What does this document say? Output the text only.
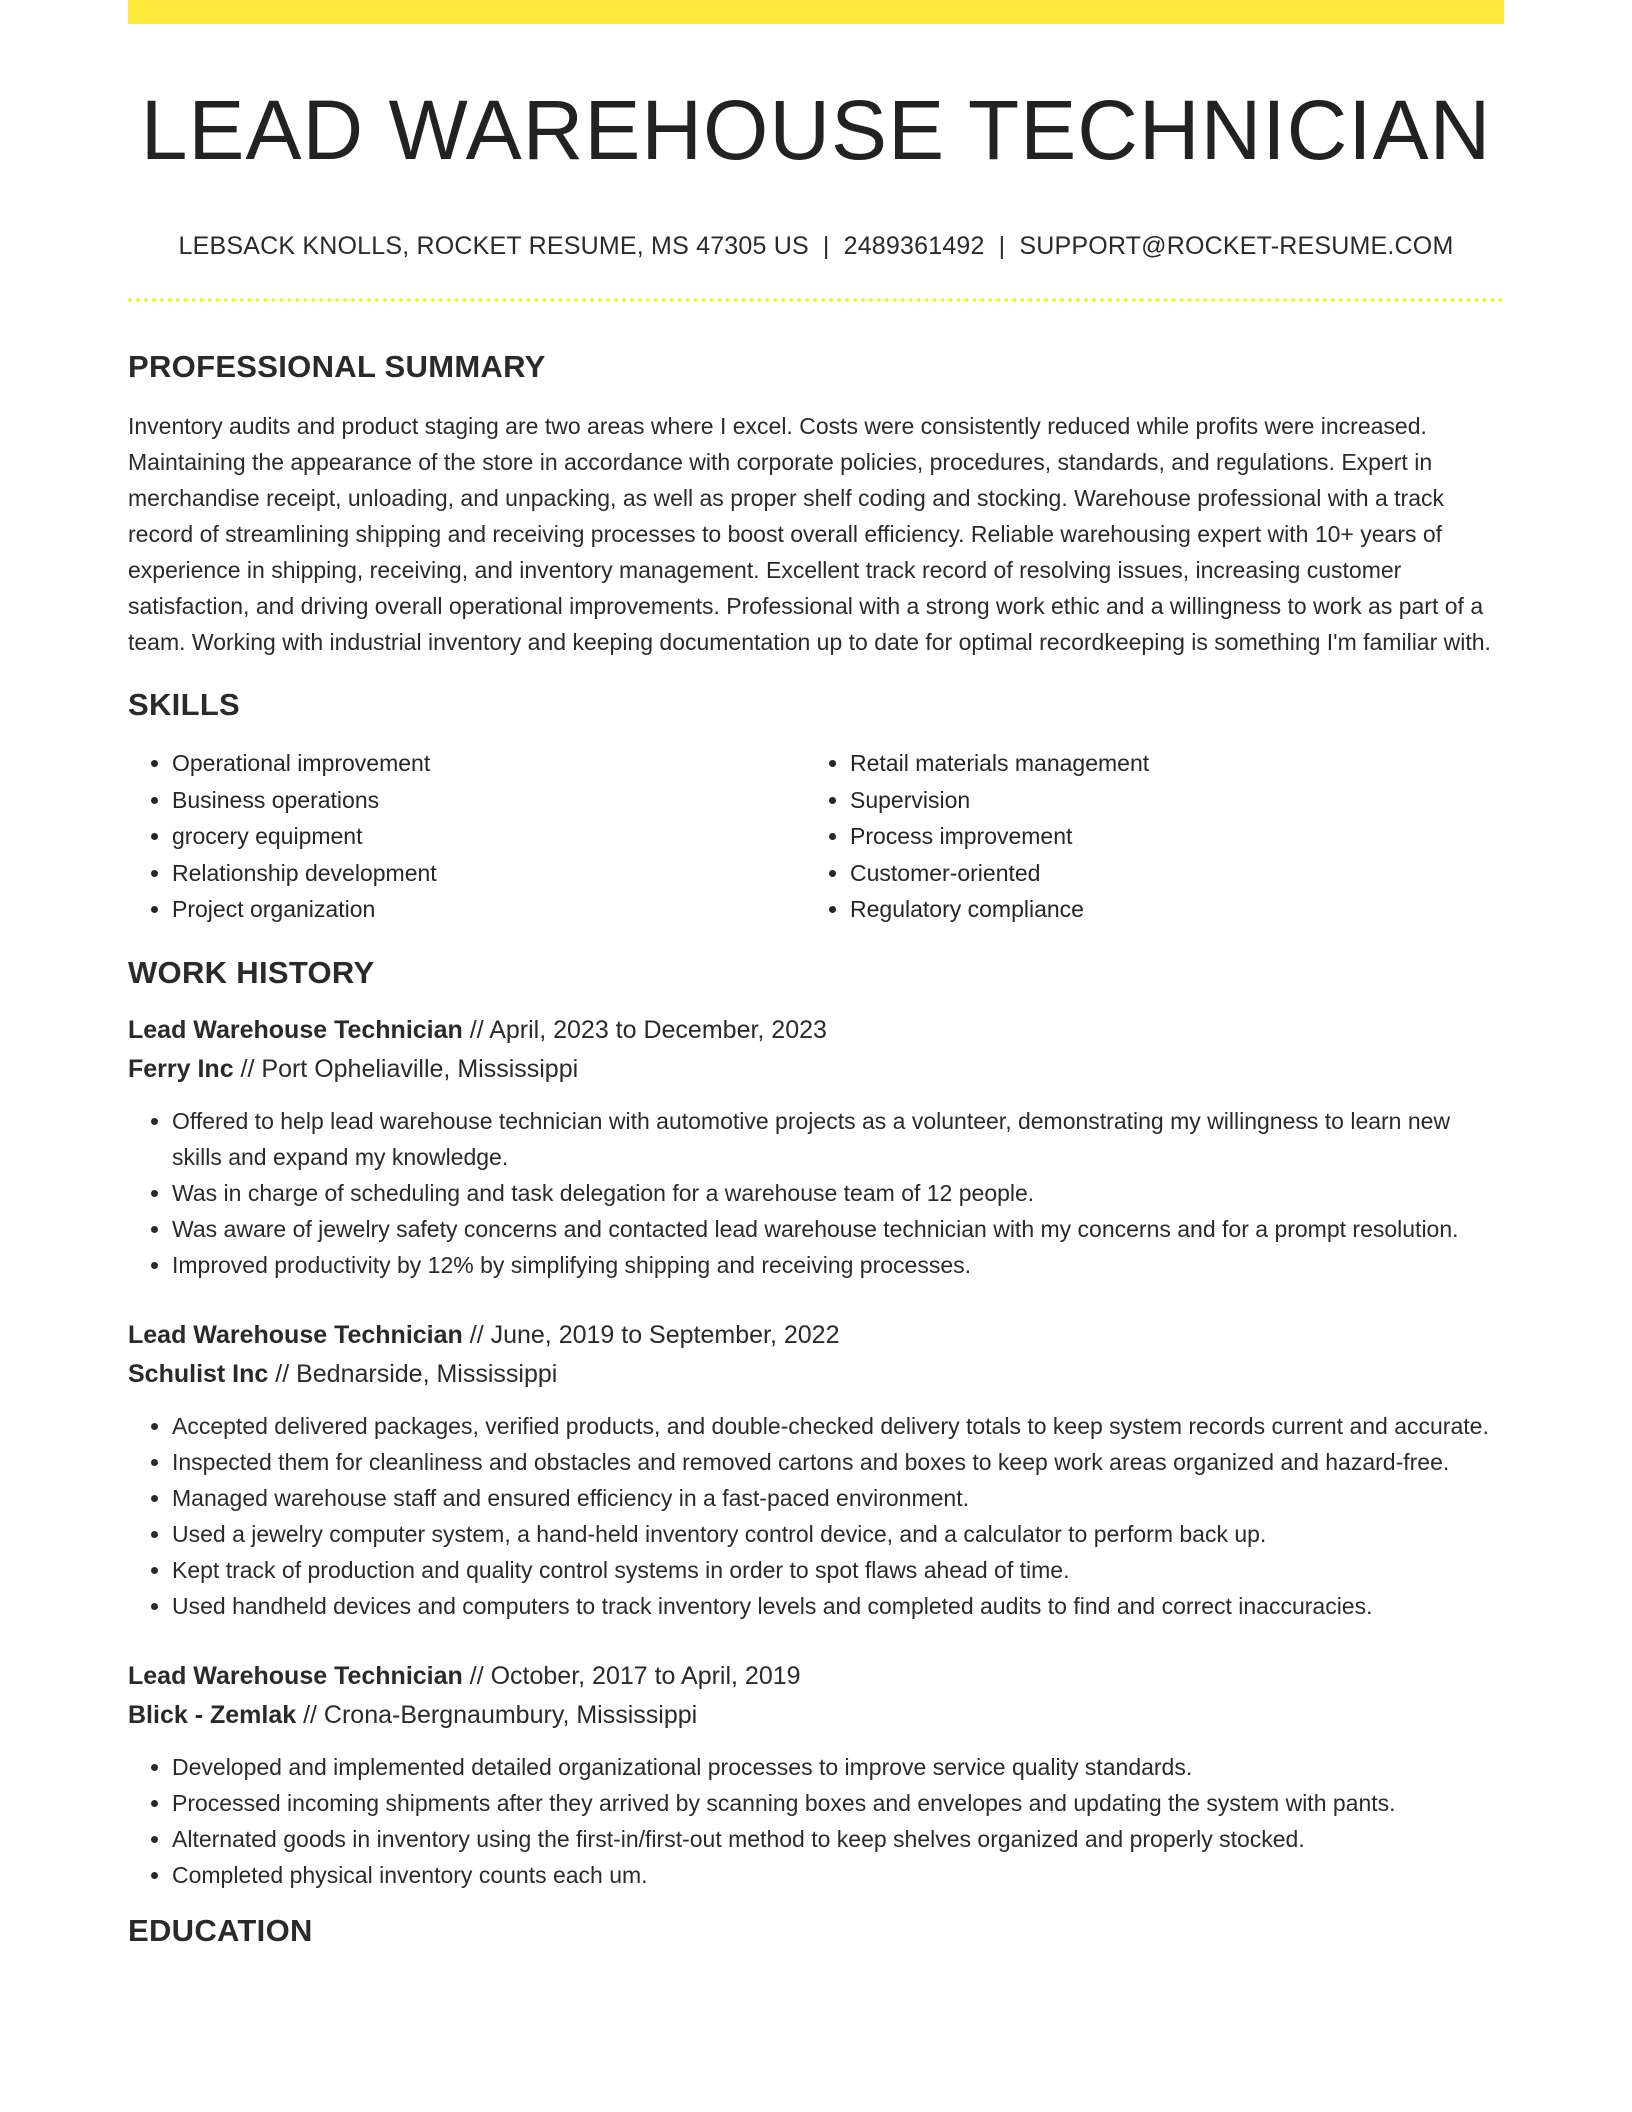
LEAD WAREHOUSE TECHNICIAN
LEBSACK KNOLLS, ROCKET RESUME, MS 47305 US | 2489361492 | SUPPORT@ROCKET-RESUME.COM
PROFESSIONAL SUMMARY
Inventory audits and product staging are two areas where I excel. Costs were consistently reduced while profits were increased. Maintaining the appearance of the store in accordance with corporate policies, procedures, standards, and regulations. Expert in merchandise receipt, unloading, and unpacking, as well as proper shelf coding and stocking. Warehouse professional with a track record of streamlining shipping and receiving processes to boost overall efficiency. Reliable warehousing expert with 10+ years of experience in shipping, receiving, and inventory management. Excellent track record of resolving issues, increasing customer satisfaction, and driving overall operational improvements. Professional with a strong work ethic and a willingness to work as part of a team. Working with industrial inventory and keeping documentation up to date for optimal recordkeeping is something I'm familiar with.
SKILLS
• Operational improvement
• Business operations
• grocery equipment
• Relationship development
• Project organization
• Retail materials management
• Supervision
• Process improvement
• Customer-oriented
• Regulatory compliance
WORK HISTORY
Lead Warehouse Technician // April, 2023 to December, 2023
Ferry Inc // Port Opheliaville, Mississippi
• Offered to help lead warehouse technician with automotive projects as a volunteer, demonstrating my willingness to learn new skills and expand my knowledge.
• Was in charge of scheduling and task delegation for a warehouse team of 12 people.
• Was aware of jewelry safety concerns and contacted lead warehouse technician with my concerns and for a prompt resolution.
• Improved productivity by 12% by simplifying shipping and receiving processes.
Lead Warehouse Technician // June, 2019 to September, 2022
Schulist Inc // Bednarside, Mississippi
• Accepted delivered packages, verified products, and double-checked delivery totals to keep system records current and accurate.
• Inspected them for cleanliness and obstacles and removed cartons and boxes to keep work areas organized and hazard-free.
• Managed warehouse staff and ensured efficiency in a fast-paced environment.
• Used a jewelry computer system, a hand-held inventory control device, and a calculator to perform back up.
• Kept track of production and quality control systems in order to spot flaws ahead of time.
• Used handheld devices and computers to track inventory levels and completed audits to find and correct inaccuracies.
Lead Warehouse Technician // October, 2017 to April, 2019
Blick - Zemlak // Crona-Bergnaumbury, Mississippi
• Developed and implemented detailed organizational processes to improve service quality standards.
• Processed incoming shipments after they arrived by scanning boxes and envelopes and updating the system with pants.
• Alternated goods in inventory using the first-in/first-out method to keep shelves organized and properly stocked.
• Completed physical inventory counts each um.
EDUCATION
